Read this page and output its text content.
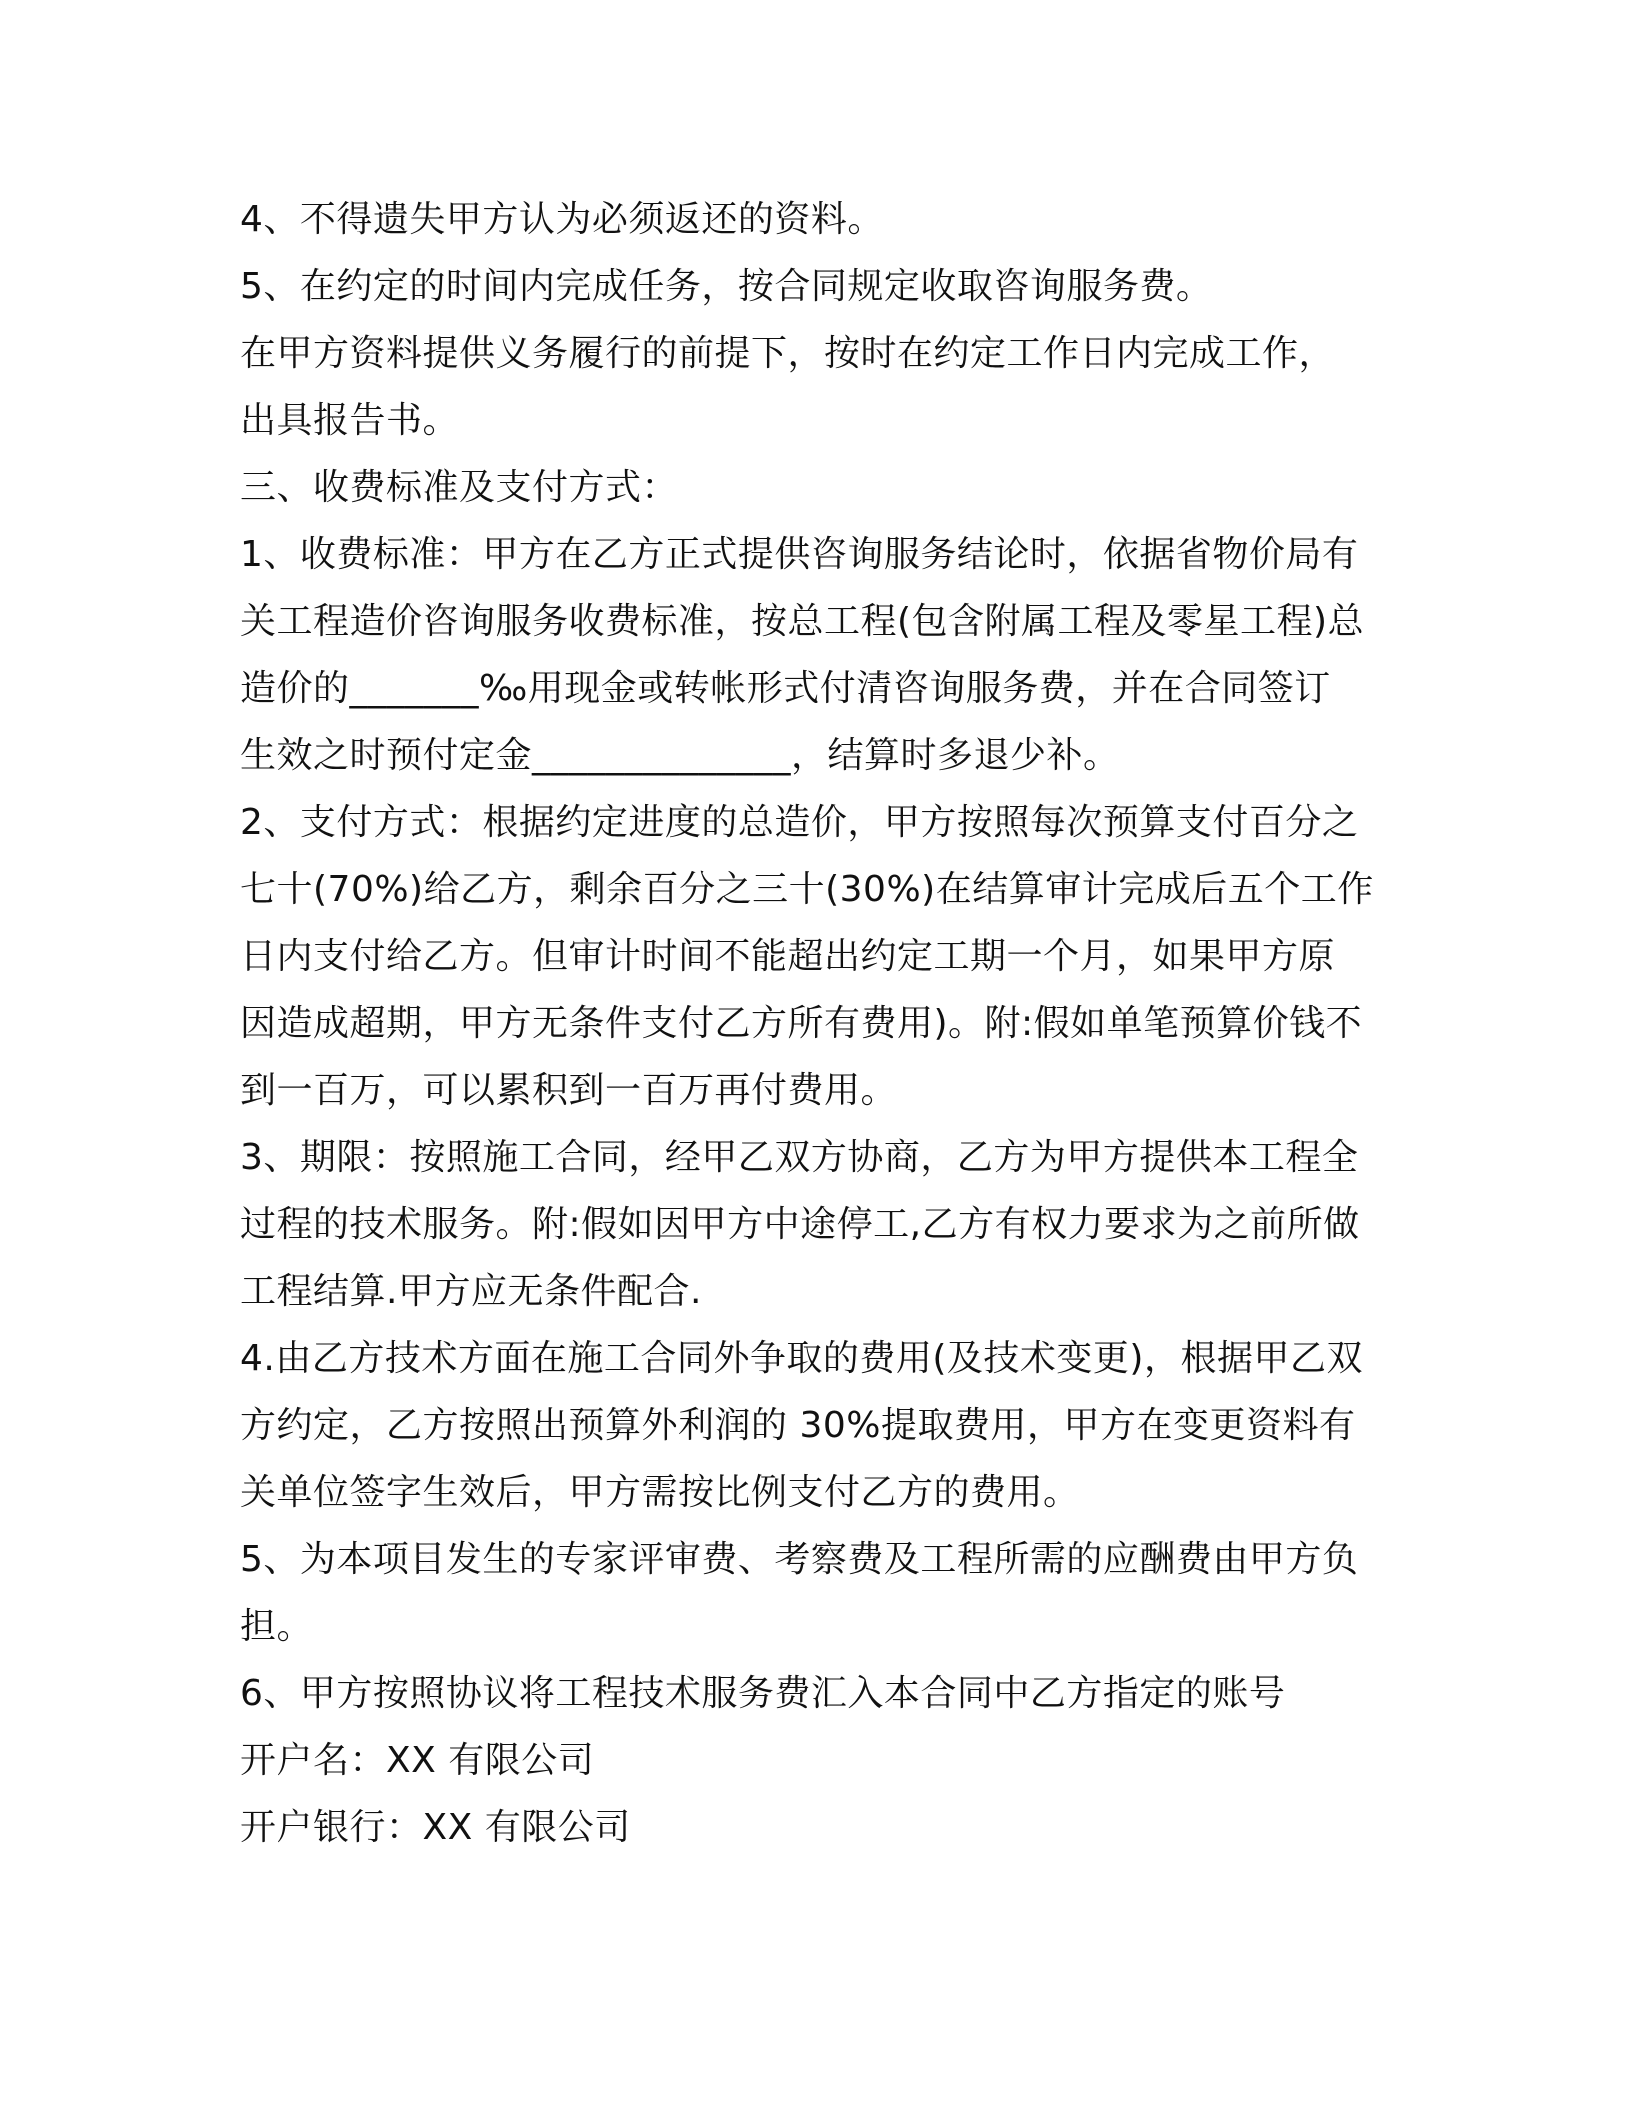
4、不得遗失甲方认为必须返还的资料。
5、在约定的时间内完成任务，按合同规定收取咨询服务费。
在甲方资料提供义务履行的前提下，按时在约定工作日内完成工作，
出具报告书。
三、收费标准及支付方式：
1、收费标准：甲方在乙方正式提供咨询服务结论时，依据省物价局有
关工程造价咨询服务收费标准，按总工程(包含附属工程及零星工程)总
造价的_______‰用现金或转帐形式付清咨询服务费，并在合同签订
生效之时预付定金______________，结算时多退少补。
2、支付方式：根据约定进度的总造价，甲方按照每次预算支付百分之
七十(70%)给乙方，剩余百分之三十(30%)在结算审计完成后五个工作
日内支付给乙方。但审计时间不能超出约定工期一个月，如果甲方原
因造成超期，甲方无条件支付乙方所有费用)。附:假如单笔预算价钱不
到一百万，可以累积到一百万再付费用。
3、期限：按照施工合同，经甲乙双方协商，乙方为甲方提供本工程全
过程的技术服务。附:假如因甲方中途停工,乙方有权力要求为之前所做
工程结算.甲方应无条件配合.
4.由乙方技术方面在施工合同外争取的费用(及技术变更)，根据甲乙双
方约定，乙方按照出预算外利润的 30%提取费用，甲方在变更资料有
关单位签字生效后，甲方需按比例支付乙方的费用。
5、为本项目发生的专家评审费、考察费及工程所需的应酬费由甲方负
担。
6、甲方按照协议将工程技术服务费汇入本合同中乙方指定的账号
开户名：XX 有限公司
开户银行：XX 有限公司
